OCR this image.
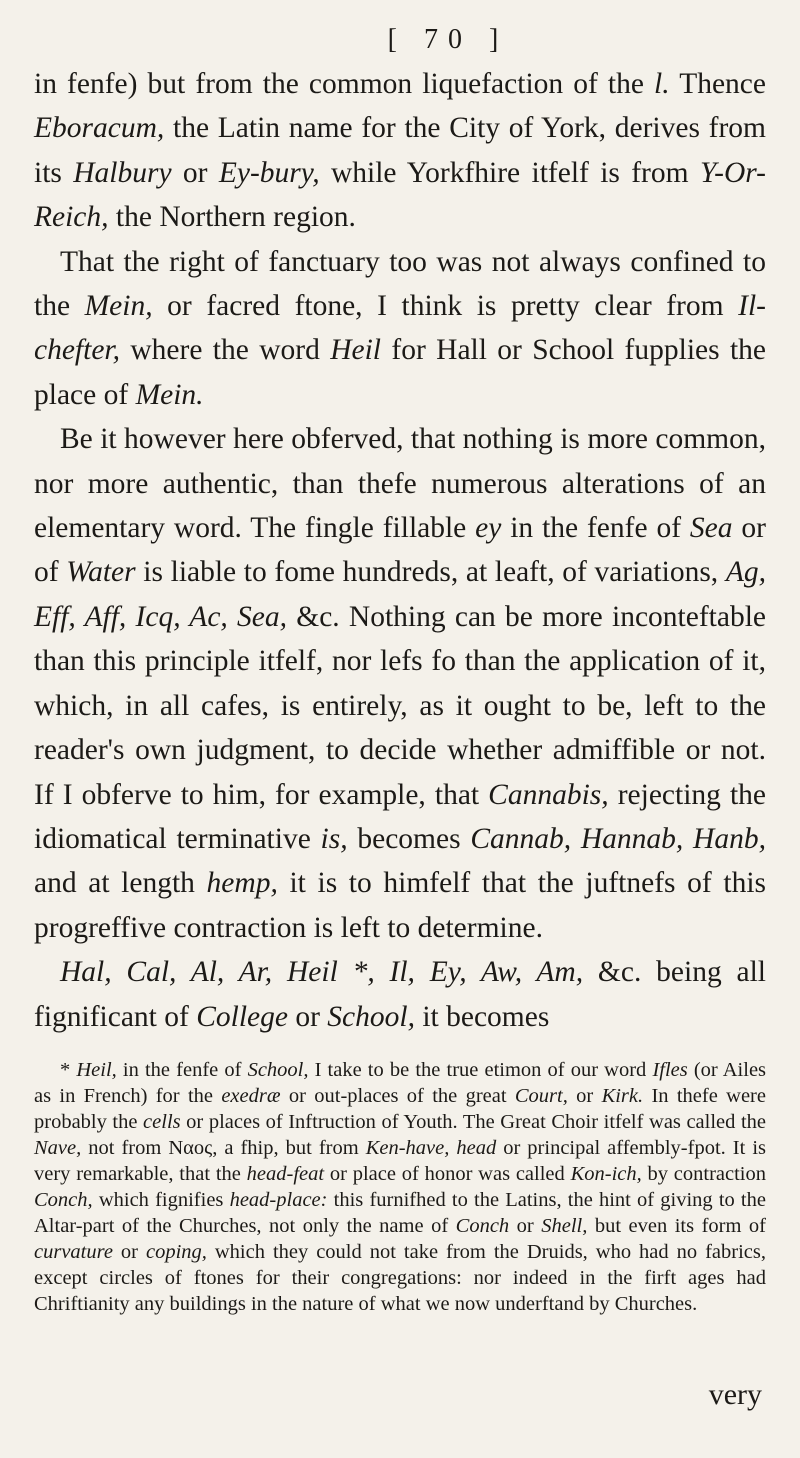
[ 70 ]

in fenfe) but from the common liquefaction of the l. Thence Eboracum, the Latin name for the City of York, derives from its Halbury or Ey-bury, while Yorkfhire itfelf is from Y-Or-Reich, the Northern region.

That the right of fanctuary too was not always confined to the Mein, or facred ftone, I think is pretty clear from Il-chefter, where the word Heil for Hall or School fupplies the place of Mein.

Be it however here obferved, that nothing is more common, nor more authentic, than thefe numerous alterations of an elementary word. The fingle fillable ey in the fenfe of Sea or of Water is liable to fome hundreds, at leaft, of variations, Ag, Eff, Aff, Icq, Ac, Sea, &c. Nothing can be more inconteftable than this principle itfelf, nor lefs fo than the application of it, which, in all cafes, is entirely, as it ought to be, left to the reader's own judgment, to decide whether admiffible or not. If I obferve to him, for example, that Cannabis, rejecting the idiomatical terminative is, becomes Cannab, Hannab, Hanb, and at length hemp, it is to himfelf that the juftnefs of this progreffive contraction is left to determine.

Hal, Cal, Al, Ar, Heil *, Il, Ey, Aw, Am, &c. being all fignificant of College or School, it becomes

* Heil, in the fenfe of School, I take to be the true etimon of our word Ifles (or Ailes as in French) for the exedræ or out-places of the great Court, or Kirk. In thefe were probably the cells or places of Inftruction of Youth. The Great Choir itfelf was called the Nave, not from Ναος, a fhip, but from Ken-have, head or principal affembly-fpot. It is very remarkable, that the head-feat or place of honor was called Kon-ich, by contraction Conch, which fignifies head-place: this furnifhed to the Latins, the hint of giving to the Altar-part of the Churches, not only the name of Conch or Shell, but even its form of curvature or coping, which they could not take from the Druids, who had no fabrics, except circles of ftones for their congregations: nor indeed in the firft ages had Chriftianity any buildings in the nature of what we now underftand by Churches.

very
